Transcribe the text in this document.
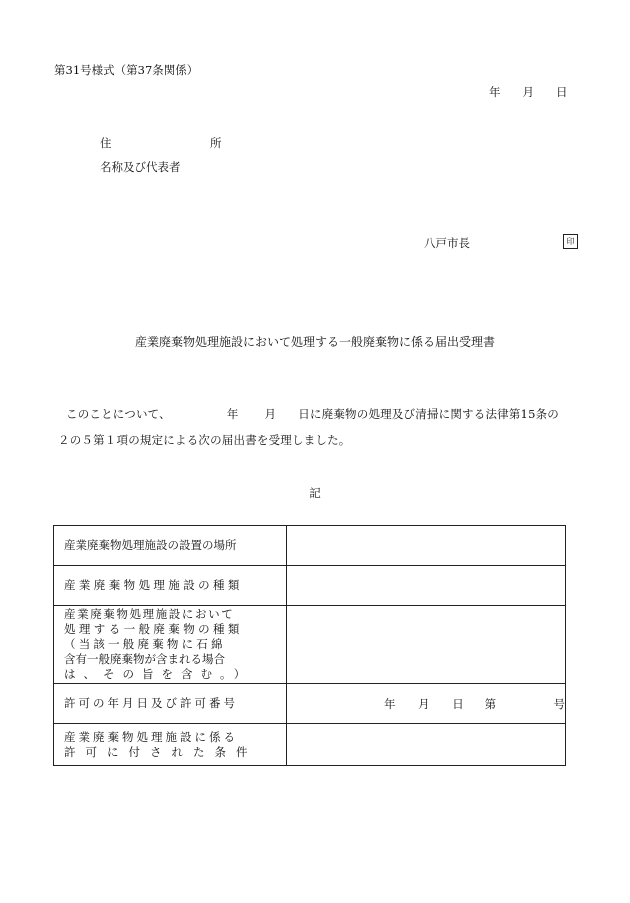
第31号様式（第37条関係）
年 月 日
住	所
名称及び代表者
八戸市長	印
産業廃棄物処理施設において処理する一般廃棄物に係る届出受理書
このことについて、	年 月 日に廃棄物の処理及び清掃に関する法律第15条の
２の５第１項の規定による次の届出書を受理しました。
記
産業廃棄物処理施設の設置の場所	

産業廃棄物処理施設の種類	

産業廃棄物処理施設において
処理する一般廃棄物の種類
（当該一般廃棄物に石綿
含有一般廃棄物が含まれる場合
は、その旨を含む。）	

許可の年月日及び許可番号	年 月 日 第 号

産業廃棄物処理施設に係る
許可に付された条件	
